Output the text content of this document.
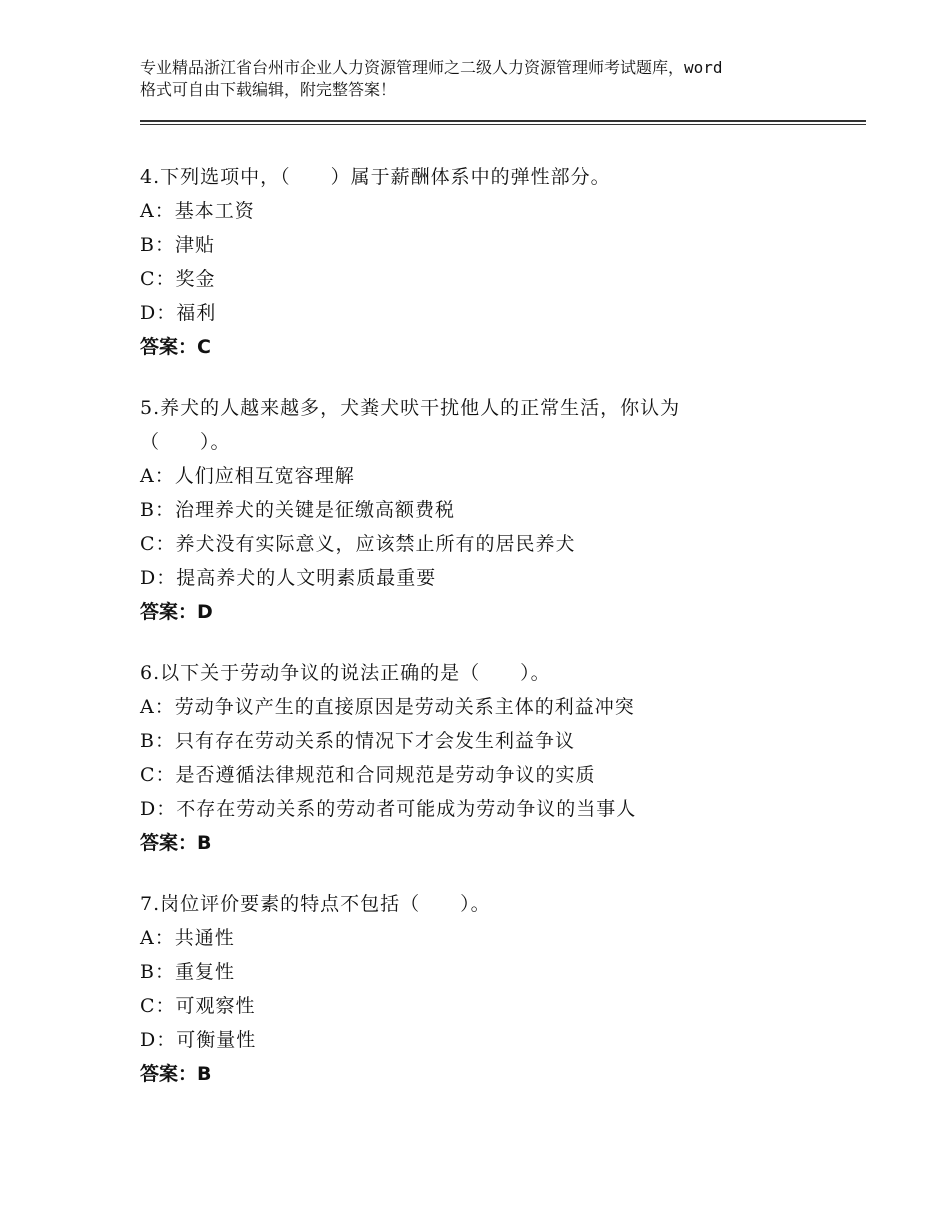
专业精品浙江省台州市企业人力资源管理师之二级人力资源管理师考试题库，word
格式可自由下载编辑，附完整答案！
4.下列选项中，（　　）属于薪酬体系中的弹性部分。
A：基本工资
B：津贴
C：奖金
D：福利
答案：C
5.养犬的人越来越多，犬粪犬吠干扰他人的正常生活，你认为
（　　）。
A：人们应相互宽容理解
B：治理养犬的关键是征缴高额费税
C：养犬没有实际意义，应该禁止所有的居民养犬
D：提高养犬的人文明素质最重要
答案：D
6.以下关于劳动争议的说法正确的是（　　）。
A：劳动争议产生的直接原因是劳动关系主体的利益冲突
B：只有存在劳动关系的情况下才会发生利益争议
C：是否遵循法律规范和合同规范是劳动争议的实质
D：不存在劳动关系的劳动者可能成为劳动争议的当事人
答案：B
7.岗位评价要素的特点不包括（　　）。
A：共通性
B：重复性
C：可观察性
D：可衡量性
答案：B
